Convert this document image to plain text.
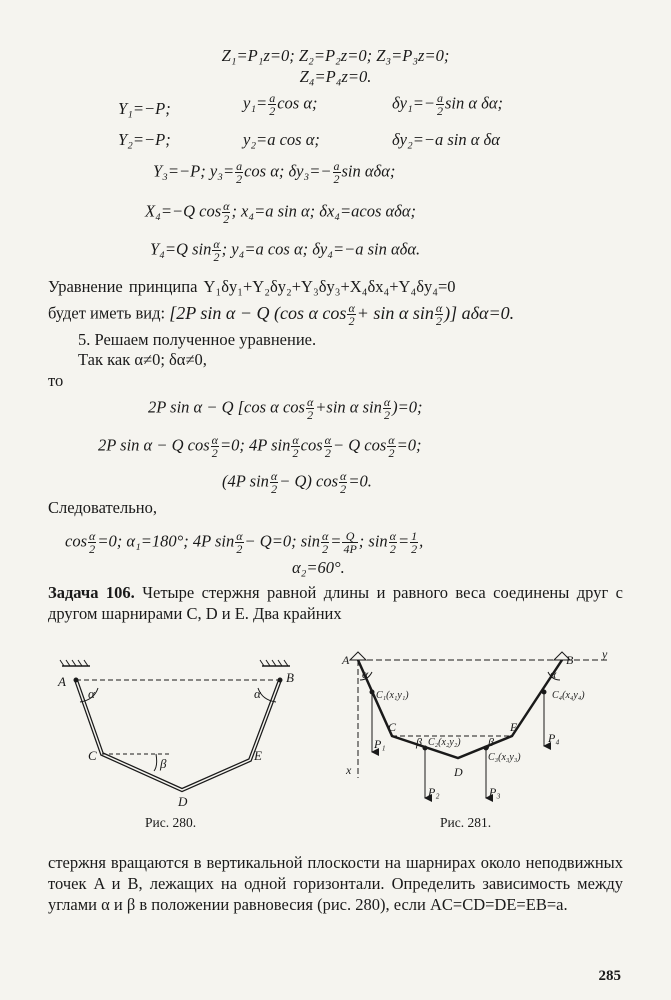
Z₁=P₁z=0; Z₂=P₂z=0; Z₃=P₃z=0;
Z₄=P₄z=0.
Y₁=−P;	$y_1= \frac{a}{2}$ cos α;	$\delta y_1=- \frac{a}{2}$ sin α δα;
Y₂=−P;	y₂=a cos α;	δy₂=−a sin α δα
Y₃=−P; $y_3= \frac{a}{2}$ cos α; $\delta y_3=- \frac{a}{2}$ sin αδα;
X₄=−Q $\cos \frac{\alpha}{2}$ ; x₄=a sin α; δx₄=acos αδα;
Y₄=Q $\sin \frac{\alpha}{2}$ ; y₄=a cos α; δy₄=−a sin αδα.
Уравнение принципа Y₁δy₁+Y₂δy₂+Y₃δy₃+X₄δx₄+Y₄δy₄=0
будет иметь вид: [2P sin α − Q (cos α $\cos \frac{\alpha}{2} + \sin \alpha$ $\sin \frac{\alpha}{2}$ )] aδα=0.
5. Решаем полученное уравнение.
Так как α≠0; δα≠0,
то
2P sin α − Q [cos α $\cos \frac{\alpha}{2} +\sin$ α $\sin \frac{\alpha}{2} )=0$;
2P sin α − Q $\cos \frac{\alpha}{2} =0$; 4P $\sin \frac{\alpha}{2}$ $\cos \frac{\alpha}{2} - Q$ $\cos \frac{\alpha}{2} =0$;
(4P $\sin \frac{\alpha}{2} - Q$) $\cos \frac{\alpha}{2} =0$.
Следовательно,
$\cos \frac{\alpha}{2} =0$; α₁=180°; 4P $\sin \frac{\alpha}{2} - Q=0$; $\sin \frac{\alpha}{2} = \frac{Q}{4P}$ ; $\sin \frac{\alpha}{2} = \frac{1}{2}$ ,
α₂=60°.
Задача 106. Четыре стержня равной длины и равного веса соединены друг с другом шарнирами C, D и E. Два крайних
A	B
C
D
E
α	α
β
Рис. 280.
A	B y
x
α	α
C
D
E
β	β
C₁(x₁y₁)
C₂(x₂y₂)
C₃(x₃y₃)
C₄(x₄y₄)
P₁
P₂	P₃
P₄
Рис. 281.
стержня вращаются в вертикальной плоскости на шарнирах около неподвижных точек A и B, лежащих на одной горизонтали. Определить зависимость между углами α и β в положении равновесия (рис. 280), если AC=CD=DE=EB=a.
285
